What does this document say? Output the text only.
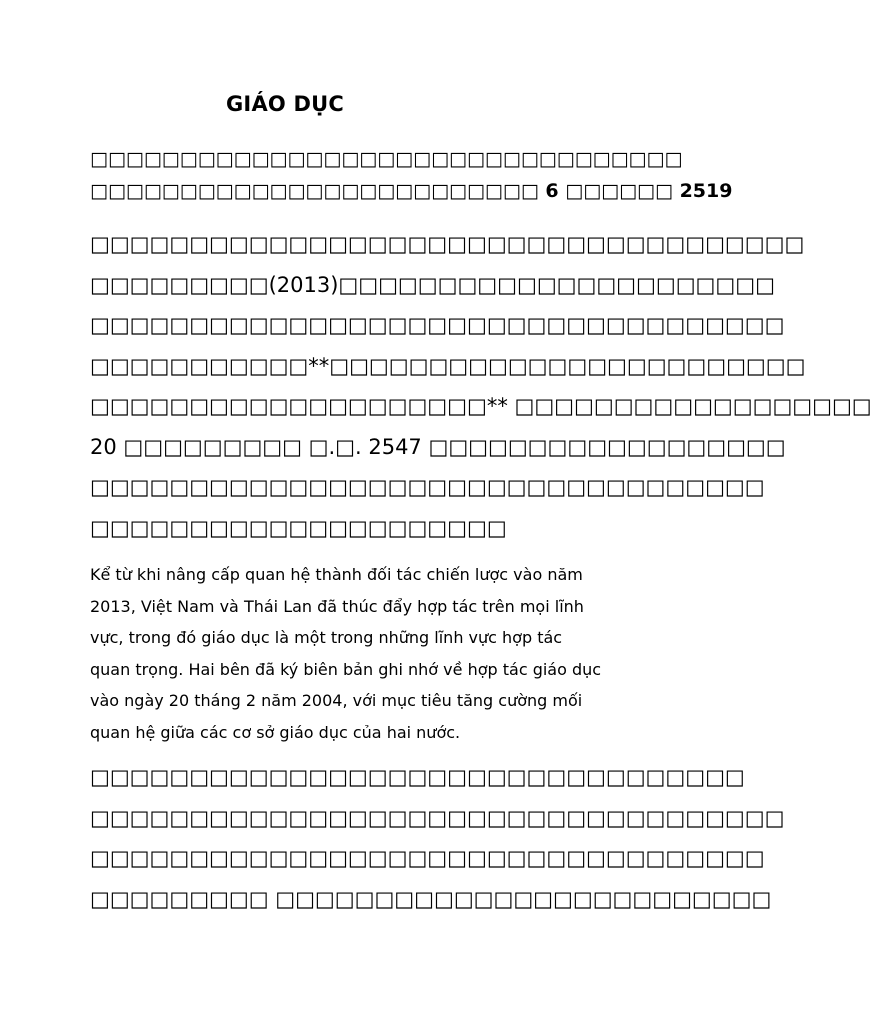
GIÁO DỤC
□□□□□□□□□□□□□□□□□□□□□□□□□□□□□□□□□
□□□□□□□□□□□□□□□□□□□□□□□□□ 6 □□□□□□ 2519
□□□□□□□□□□□□□□□□□□□□□□□□□□□□□□□□□□□□
□□□□□□□□□(2013)□□□□□□□□□□□□□□□□□□□□□□
□□□□□□□□□□□□□□□□□□□□□□□□□□□□□□□□□□□
□□□□□□□□□□□**□□□□□□□□□□□□□□□□□□□□□□□□
□□□□□□□□□□□□□□□□□□□□** □□□□□□□□□□□□□□□□□□
20 □□□□□□□□□ □.□. 2547 □□□□□□□□□□□□□□□□□□
□□□□□□□□□□□□□□□□□□□□□□□□□□□□□□□□□□
□□□□□□□□□□□□□□□□□□□□□
Kể từ khi nâng cấp quan hệ thành đối tác chiến lược vào năm
2013, Việt Nam và Thái Lan đã thúc đẩy hợp tác trên mọi lĩnh
vực, trong đó giáo dục là một trong những lĩnh vực hợp tác
quan trọng. Hai bên đã ký biên bản ghi nhớ về hợp tác giáo dục
vào ngày 20 tháng 2 năm 2004, với mục tiêu tăng cường mối
quan hệ giữa các cơ sở giáo dục của hai nước.
□□□□□□□□□□□□□□□□□□□□□□□□□□□□□□□□□
□□□□□□□□□□□□□□□□□□□□□□□□□□□□□□□□□□□
□□□□□□□□□□□□□□□□□□□□□□□□□□□□□□□□□□
□□□□□□□□□ □□□□□□□□□□□□□□□□□□□□□□□□□
